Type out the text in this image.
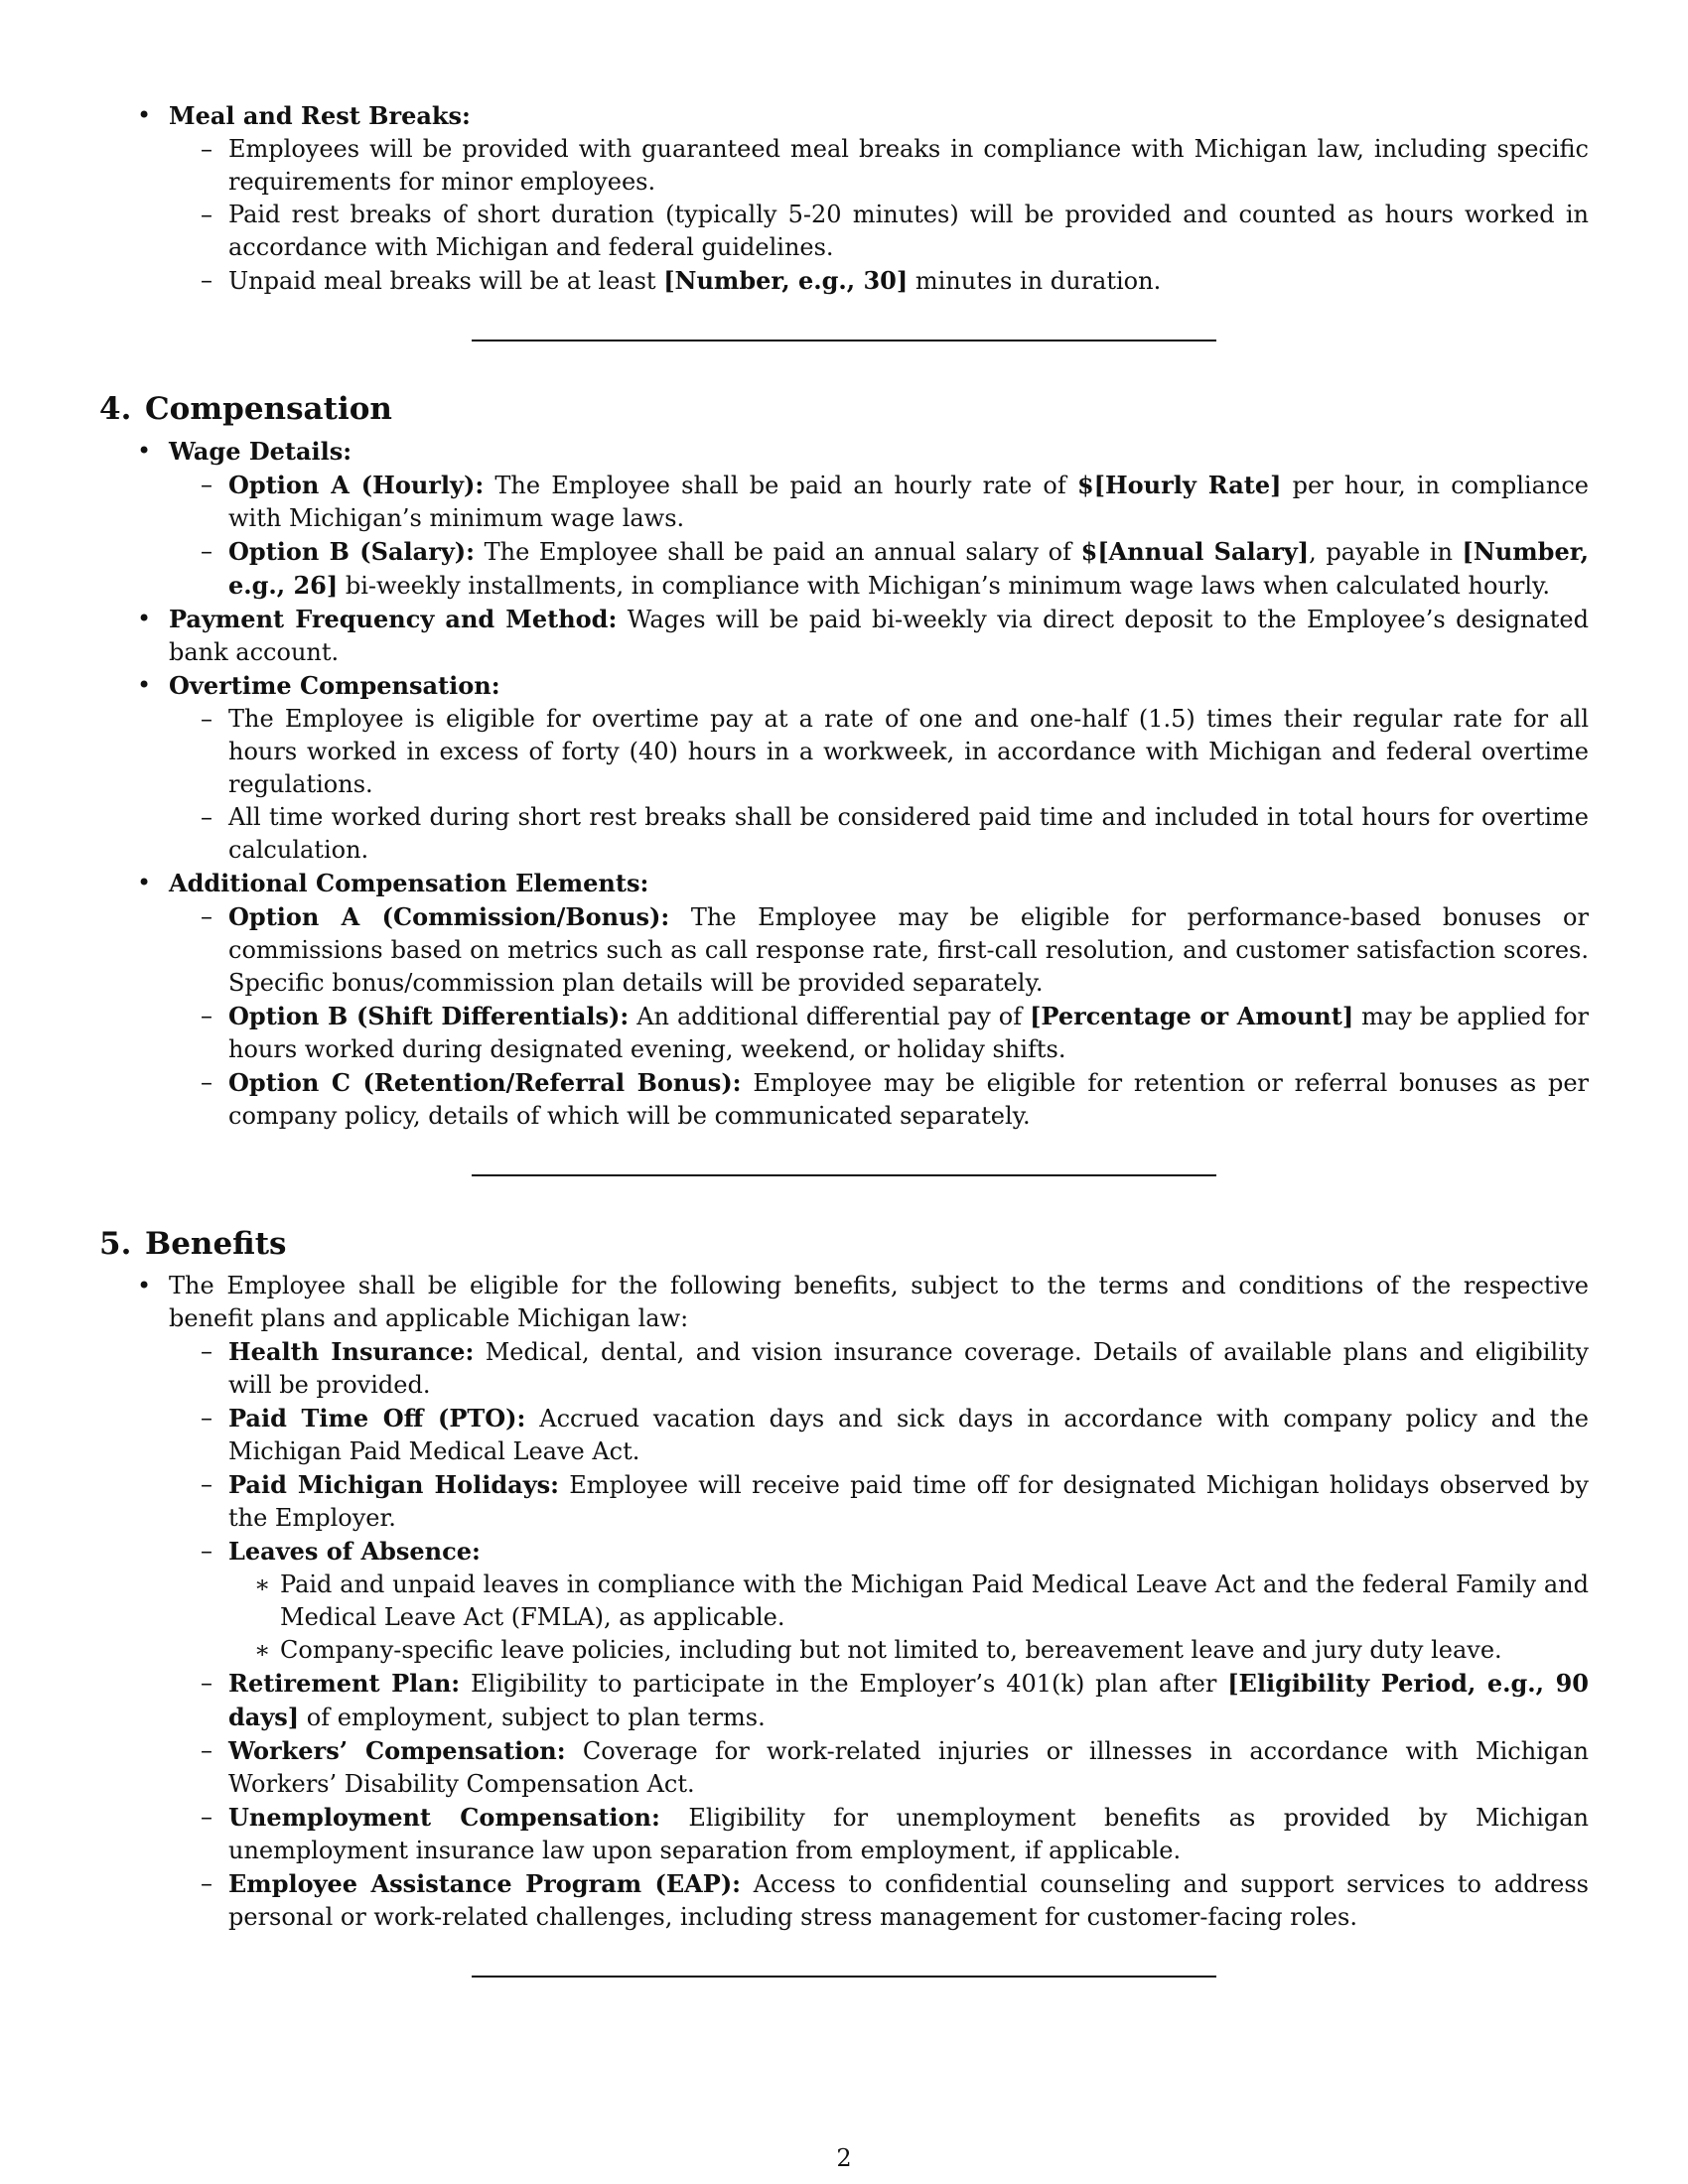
• Meal and Rest Breaks:
– Employees will be provided with guaranteed meal breaks in compliance with Michigan law, including specific requirements for minor employees.
– Paid rest breaks of short duration (typically 5-20 minutes) will be provided and counted as hours worked in accordance with Michigan and federal guidelines.
– Unpaid meal breaks will be at least [Number, e.g., 30] minutes in duration.
4. Compensation
• Wage Details:
– Option A (Hourly): The Employee shall be paid an hourly rate of $[Hourly Rate] per hour, in compliance with Michigan’s minimum wage laws.
– Option B (Salary): The Employee shall be paid an annual salary of $[Annual Salary], payable in [Number, e.g., 26] bi-weekly installments, in compliance with Michigan’s minimum wage laws when calculated hourly.
• Payment Frequency and Method: Wages will be paid bi-weekly via direct deposit to the Employee’s designated bank account.
• Overtime Compensation:
– The Employee is eligible for overtime pay at a rate of one and one-half (1.5) times their regular rate for all hours worked in excess of forty (40) hours in a workweek, in accordance with Michigan and federal overtime regulations.
– All time worked during short rest breaks shall be considered paid time and included in total hours for overtime calculation.
• Additional Compensation Elements:
– Option A (Commission/Bonus): The Employee may be eligible for performance-based bonuses or commissions based on metrics such as call response rate, first-call resolution, and customer satisfaction scores. Specific bonus/commission plan details will be provided separately.
– Option B (Shift Differentials): An additional differential pay of [Percentage or Amount] may be applied for hours worked during designated evening, weekend, or holiday shifts.
– Option C (Retention/Referral Bonus): Employee may be eligible for retention or referral bonuses as per company policy, details of which will be communicated separately.
5. Benefits
• The Employee shall be eligible for the following benefits, subject to the terms and conditions of the respective benefit plans and applicable Michigan law:
– Health Insurance: Medical, dental, and vision insurance coverage. Details of available plans and eligibility will be provided.
– Paid Time Off (PTO): Accrued vacation days and sick days in accordance with company policy and the Michigan Paid Medical Leave Act.
– Paid Michigan Holidays: Employee will receive paid time off for designated Michigan holidays observed by the Employer.
– Leaves of Absence:
∗ Paid and unpaid leaves in compliance with the Michigan Paid Medical Leave Act and the federal Family and Medical Leave Act (FMLA), as applicable.
∗ Company-specific leave policies, including but not limited to, bereavement leave and jury duty leave.
– Retirement Plan: Eligibility to participate in the Employer’s 401(k) plan after [Eligibility Period, e.g., 90 days] of employment, subject to plan terms.
– Workers’ Compensation: Coverage for work-related injuries or illnesses in accordance with Michigan Workers’ Disability Compensation Act.
– Unemployment Compensation: Eligibility for unemployment benefits as provided by Michigan unemployment insurance law upon separation from employment, if applicable.
– Employee Assistance Program (EAP): Access to confidential counseling and support services to address personal or work-related challenges, including stress management for customer-facing roles.
2
